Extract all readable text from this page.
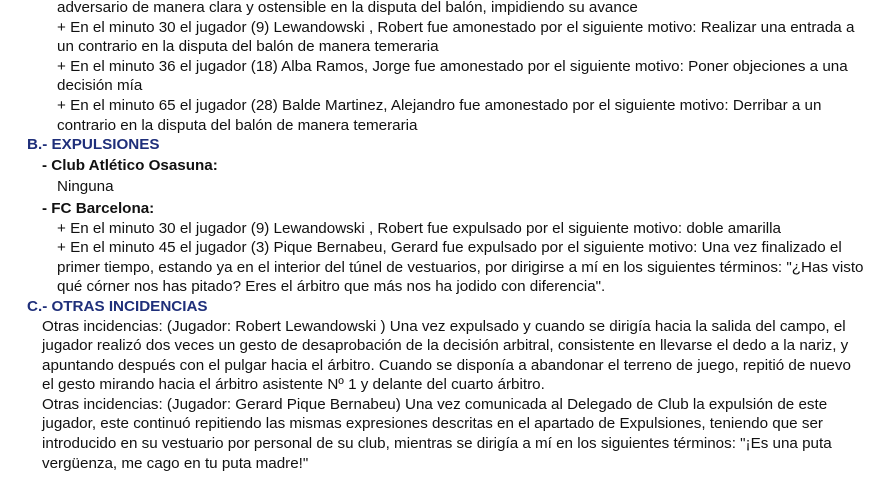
adversario de manera clara y ostensible en la disputa del balón, impidiendo su avance
+ En el minuto 30 el jugador (9) Lewandowski , Robert fue amonestado por el siguiente motivo: Realizar una entrada a un contrario en la disputa del balón de manera temeraria
+ En el minuto 36 el jugador (18) Alba Ramos, Jorge fue amonestado por el siguiente motivo: Poner objeciones a una decisión mía
+ En el minuto 65 el jugador (28) Balde Martinez, Alejandro fue amonestado por el siguiente motivo: Derribar a un contrario en la disputa del balón de manera temeraria
B.- EXPULSIONES
- Club Atlético Osasuna:
Ninguna
- FC Barcelona:
+ En el minuto 30 el jugador (9) Lewandowski , Robert fue expulsado por el siguiente motivo: doble amarilla
+ En el minuto 45 el jugador (3) Pique Bernabeu, Gerard fue expulsado por el siguiente motivo: Una vez finalizado el primer tiempo, estando ya en el interior del túnel de vestuarios, por dirigirse a mí en los siguientes términos: "¿Has visto qué córner nos has pitado? Eres el árbitro que más nos ha jodido con diferencia".
C.- OTRAS INCIDENCIAS
Otras incidencias: (Jugador: Robert Lewandowski ) Una vez expulsado y cuando se dirigía hacia la salida del campo, el jugador realizó dos veces un gesto de desaprobación de la decisión arbitral, consistente en llevarse el dedo a la nariz, y apuntando después con el pulgar hacia el árbitro. Cuando se disponía a abandonar el terreno de juego, repitió de nuevo el gesto mirando hacia el árbitro asistente Nº 1 y delante del cuarto árbitro.
Otras incidencias: (Jugador: Gerard Pique Bernabeu) Una vez comunicada al Delegado de Club la expulsión de este jugador, este continuó repitiendo las mismas expresiones descritas en el apartado de Expulsiones, teniendo que ser introducido en su vestuario por personal de su club, mientras se dirigía a mí en los siguientes términos: "¡Es una puta vergüenza, me cago en tu puta madre!"
